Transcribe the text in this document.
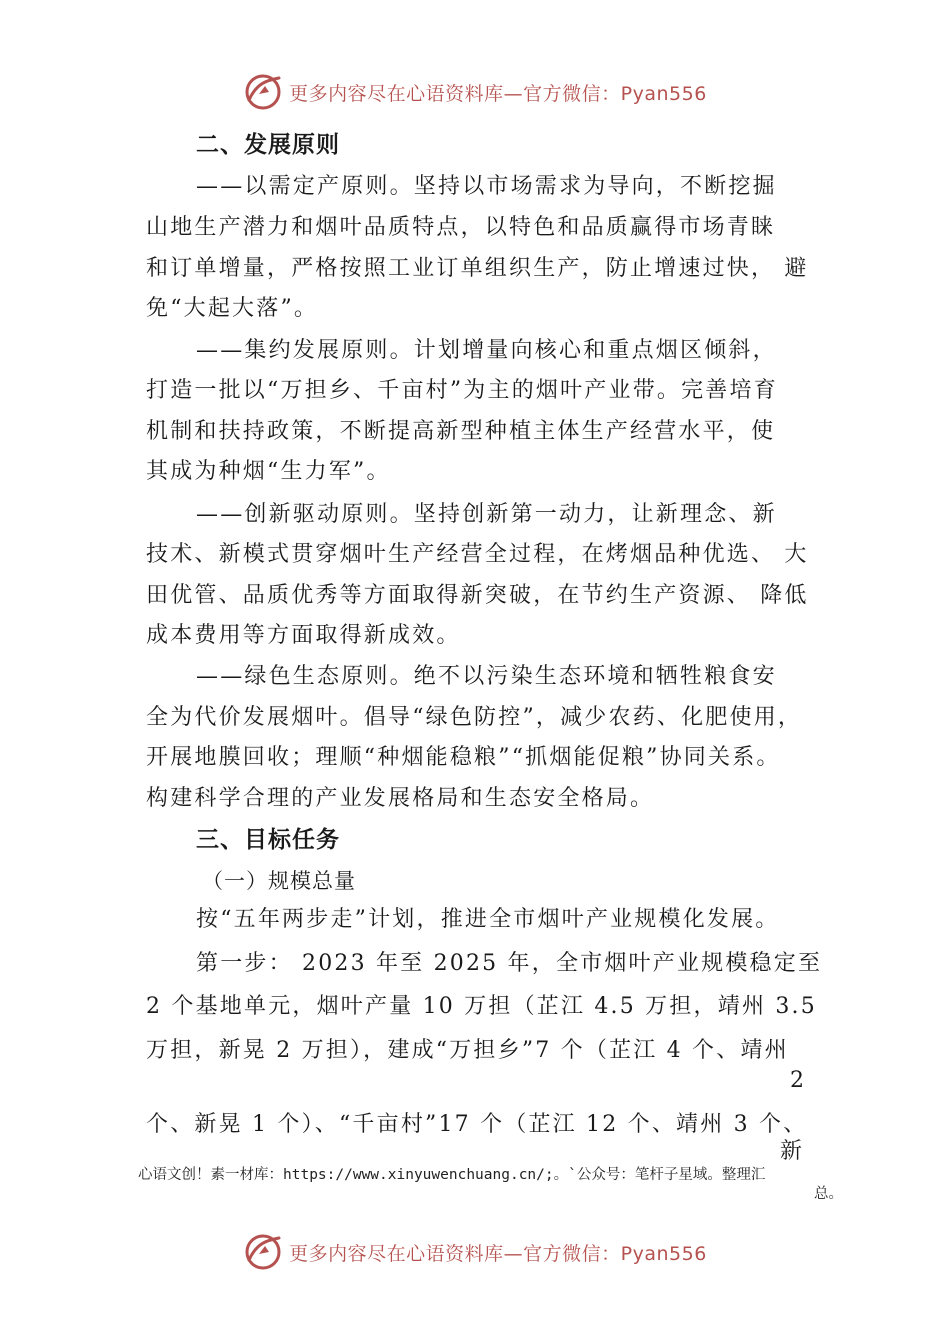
更多内容尽在心语资料库—官方微信：Pyan556
二、发展原则
——以需定产原则。坚持以市场需求为导向，不断挖掘
山地生产潜力和烟叶品质特点，以特色和品质赢得市场青睐
和订单增量，严格按照工业订单组织生产，防止增速过快， 避
免“大起大落”。
——集约发展原则。计划增量向核心和重点烟区倾斜，
打造一批以“万担乡、千亩村”为主的烟叶产业带。完善培育
机制和扶持政策，不断提高新型种植主体生产经营水平，使
其成为种烟“生力军”。
——创新驱动原则。坚持创新第一动力，让新理念、新
技术、新模式贯穿烟叶生产经营全过程，在烤烟品种优选、 大
田优管、品质优秀等方面取得新突破，在节约生产资源、 降低
成本费用等方面取得新成效。
——绿色生态原则。绝不以污染生态环境和牺牲粮食安
全为代价发展烟叶。倡导“绿色防控”，减少农药、化肥使用，
开展地膜回收；理顺“种烟能稳粮”“抓烟能促粮”协同关系。
构建科学合理的产业发展格局和生态安全格局。
三、目标任务
（一）规模总量
按“五年两步走”计划，推进全市烟叶产业规模化发展。
第一步： 2023 年至 2025 年，全市烟叶产业规模稳定至
2 个基地单元，烟叶产量 10 万担（芷江 4.5 万担，靖州 3.5
万担，新晃 2 万担），建成“万担乡”7 个（芷江 4 个、靖州
2
个、新晃 1 个）、“千亩村”17 个（芷江 12 个、靖州 3 个、
新
心语文创！素一材库：https://www.xinyuwenchuang.cn/;。`公众号：笔杆子星域。整理汇
总。
更多内容尽在心语资料库—官方微信：Pyan556
